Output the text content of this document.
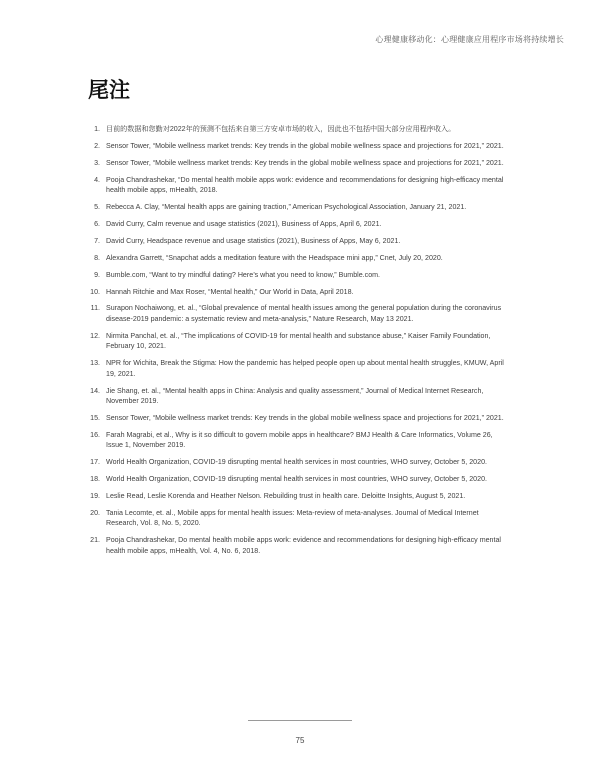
心理健康移动化：心理健康应用程序市场将持续增长
尾注
1. 目前的数据和您勤对2022年的预测不包括来自第三方安卓市场的收入，因此也不包括中国大部分应用程序收入。
2. Sensor Tower, “Mobile wellness market trends: Key trends in the global mobile wellness space and projections for 2021,” 2021.
3. Sensor Tower, “Mobile wellness market trends: Key trends in the global mobile wellness space and projections for 2021,” 2021.
4. Pooja Chandrashekar, “Do mental health mobile apps work: evidence and recommendations for designing high-efficacy mental health mobile apps, mHealth, 2018.
5. Rebecca A. Clay, “Mental health apps are gaining traction,” American Psychological Association, January 21, 2021.
6. David Curry, Calm revenue and usage statistics (2021), Business of Apps, April 6, 2021.
7. David Curry, Headspace revenue and usage statistics (2021), Business of Apps, May 6, 2021.
8. Alexandra Garrett, “Snapchat adds a meditation feature with the Headspace mini app,” Cnet, July 20, 2020.
9. Bumble.com, “Want to try mindful dating? Here’s what you need to know,” Bumble.com.
10. Hannah Ritchie and Max Roser, “Mental health,” Our World in Data, April 2018.
11. Surapon Nochaiwong, et. al., “Global prevalence of mental health issues among the general population during the coronavirus disease-2019 pandemic: a systematic review and meta-analysis,” Nature Research, May 13 2021.
12. Nirmita Panchal, et. al., “The implications of COVID-19 for mental health and substance abuse,” Kaiser Family Foundation, February 10, 2021.
13. NPR for Wichita, Break the Stigma: How the pandemic has helped people open up about mental health struggles, KMUW, April 19, 2021.
14. Jie Shang, et. al., “Mental health apps in China: Analysis and quality assessment,” Journal of Medical Internet Research, November 2019.
15. Sensor Tower, “Mobile wellness market trends: Key trends in the global mobile wellness space and projections for 2021,” 2021.
16. Farah Magrabi, et al., Why is it so difficult to govern mobile apps in healthcare? BMJ Health & Care Informatics, Volume 26, Issue 1, November 2019.
17. World Health Organization, COVID-19 disrupting mental health services in most countries, WHO survey, October 5, 2020.
18. World Health Organization, COVID-19 disrupting mental health services in most countries, WHO survey, October 5, 2020.
19. Leslie Read, Leslie Korenda and Heather Nelson. Rebuilding trust in health care. Deloitte Insights, August 5, 2021.
20. Tania Lecomte, et. al., Mobile apps for mental health issues: Meta-review of meta-analyses. Journal of Medical Internet Research, Vol. 8, No. 5, 2020.
21. Pooja Chandrashekar, Do mental health mobile apps work: evidence and recommendations for designing high-efficacy mental health mobile apps, mHealth, Vol. 4, No. 6, 2018.
75
